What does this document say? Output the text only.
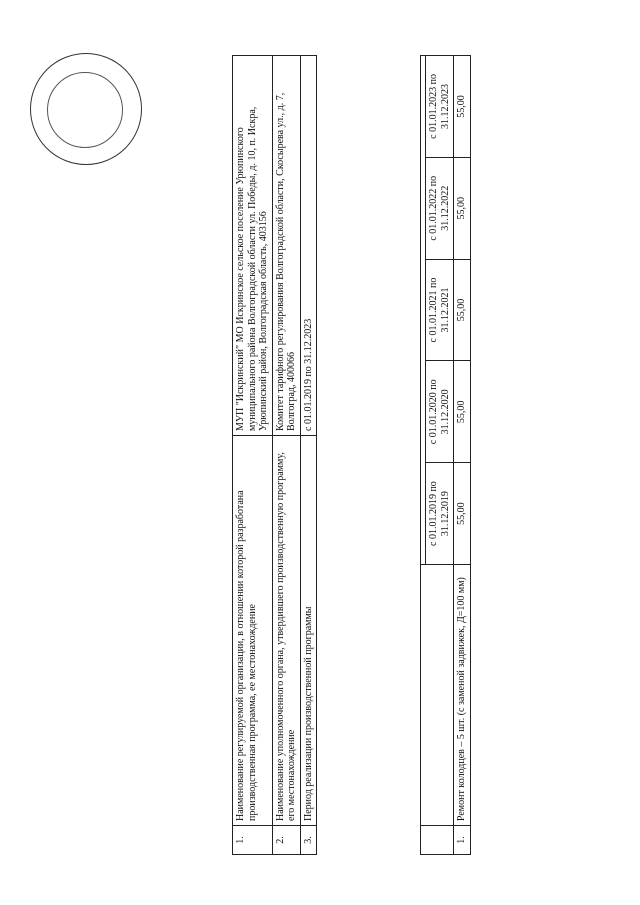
1.	Наименование регулируемой организации, в отношении которой разработана производственная программа, ее местонахождение	МУП "Искринский" МО Искринское сельское поселение Урюпинского муниципального района Волгоградской области ул. Победы, д. 10, п. Искра, Урюпинский район, Волгоградская область, 403156
2.	Наименование уполномоченного органа, утвердившего производственную программу, его местонахождение	Комитет тарифного регулирования Волгоградской области, Скосырева ул., д. 7, Волгоград, 400066
3.	Период реализации производственной программы	с 01.01.2019 по 31.12.2023

		с 01.01.2019 по 31.12.2019	с 01.01.2020 по 31.12.2020	с 01.01.2021 по 31.12.2021	с 01.01.2022 по 31.12.2022	с 01.01.2023 по 31.12.2023
1.	Ремонт колодцев – 5 шт. (с заменой задвижек, Д=100 мм)	55,00	55,00	55,00	55,00	55,00
